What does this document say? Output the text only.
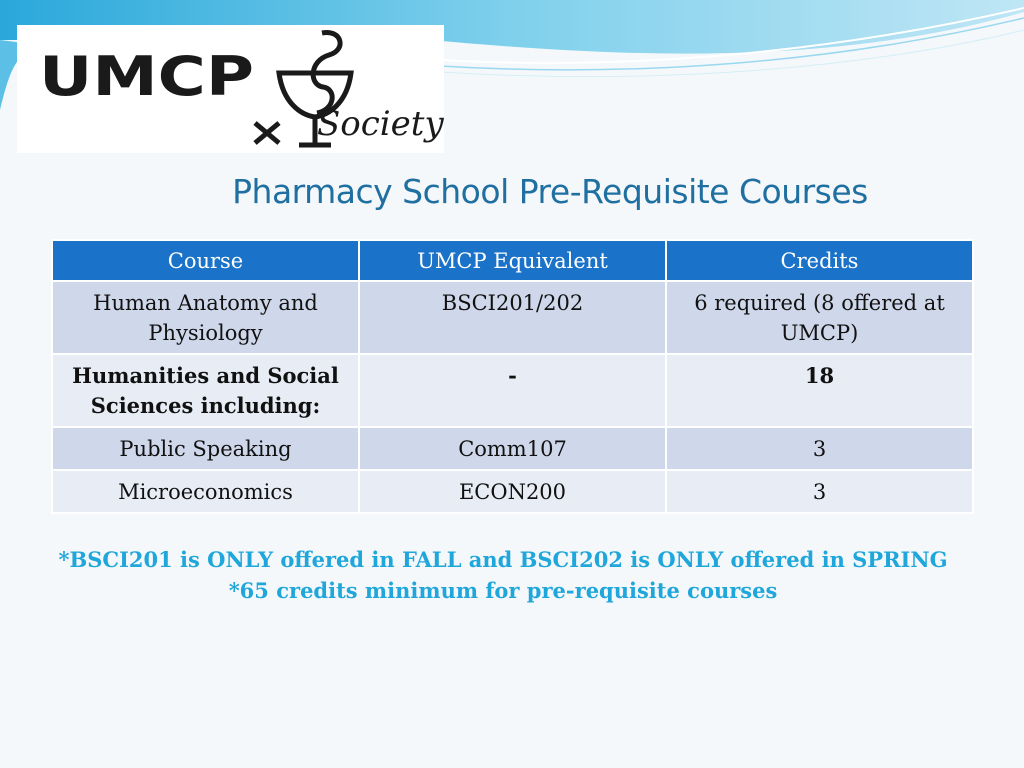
UMCP
Society
Pharmacy School Pre-Requisite Courses
Course	UMCP Equivalent	Credits
Human Anatomy and Physiology	BSCI201/202	6 required (8 offered at UMCP)
Humanities and Social Sciences including:	-	18
Public Speaking	Comm107	3
Microeconomics	ECON200	3
*BSCI201 is ONLY offered in FALL and BSCI202 is ONLY offered in SPRING
*65 credits minimum for pre-requisite courses
